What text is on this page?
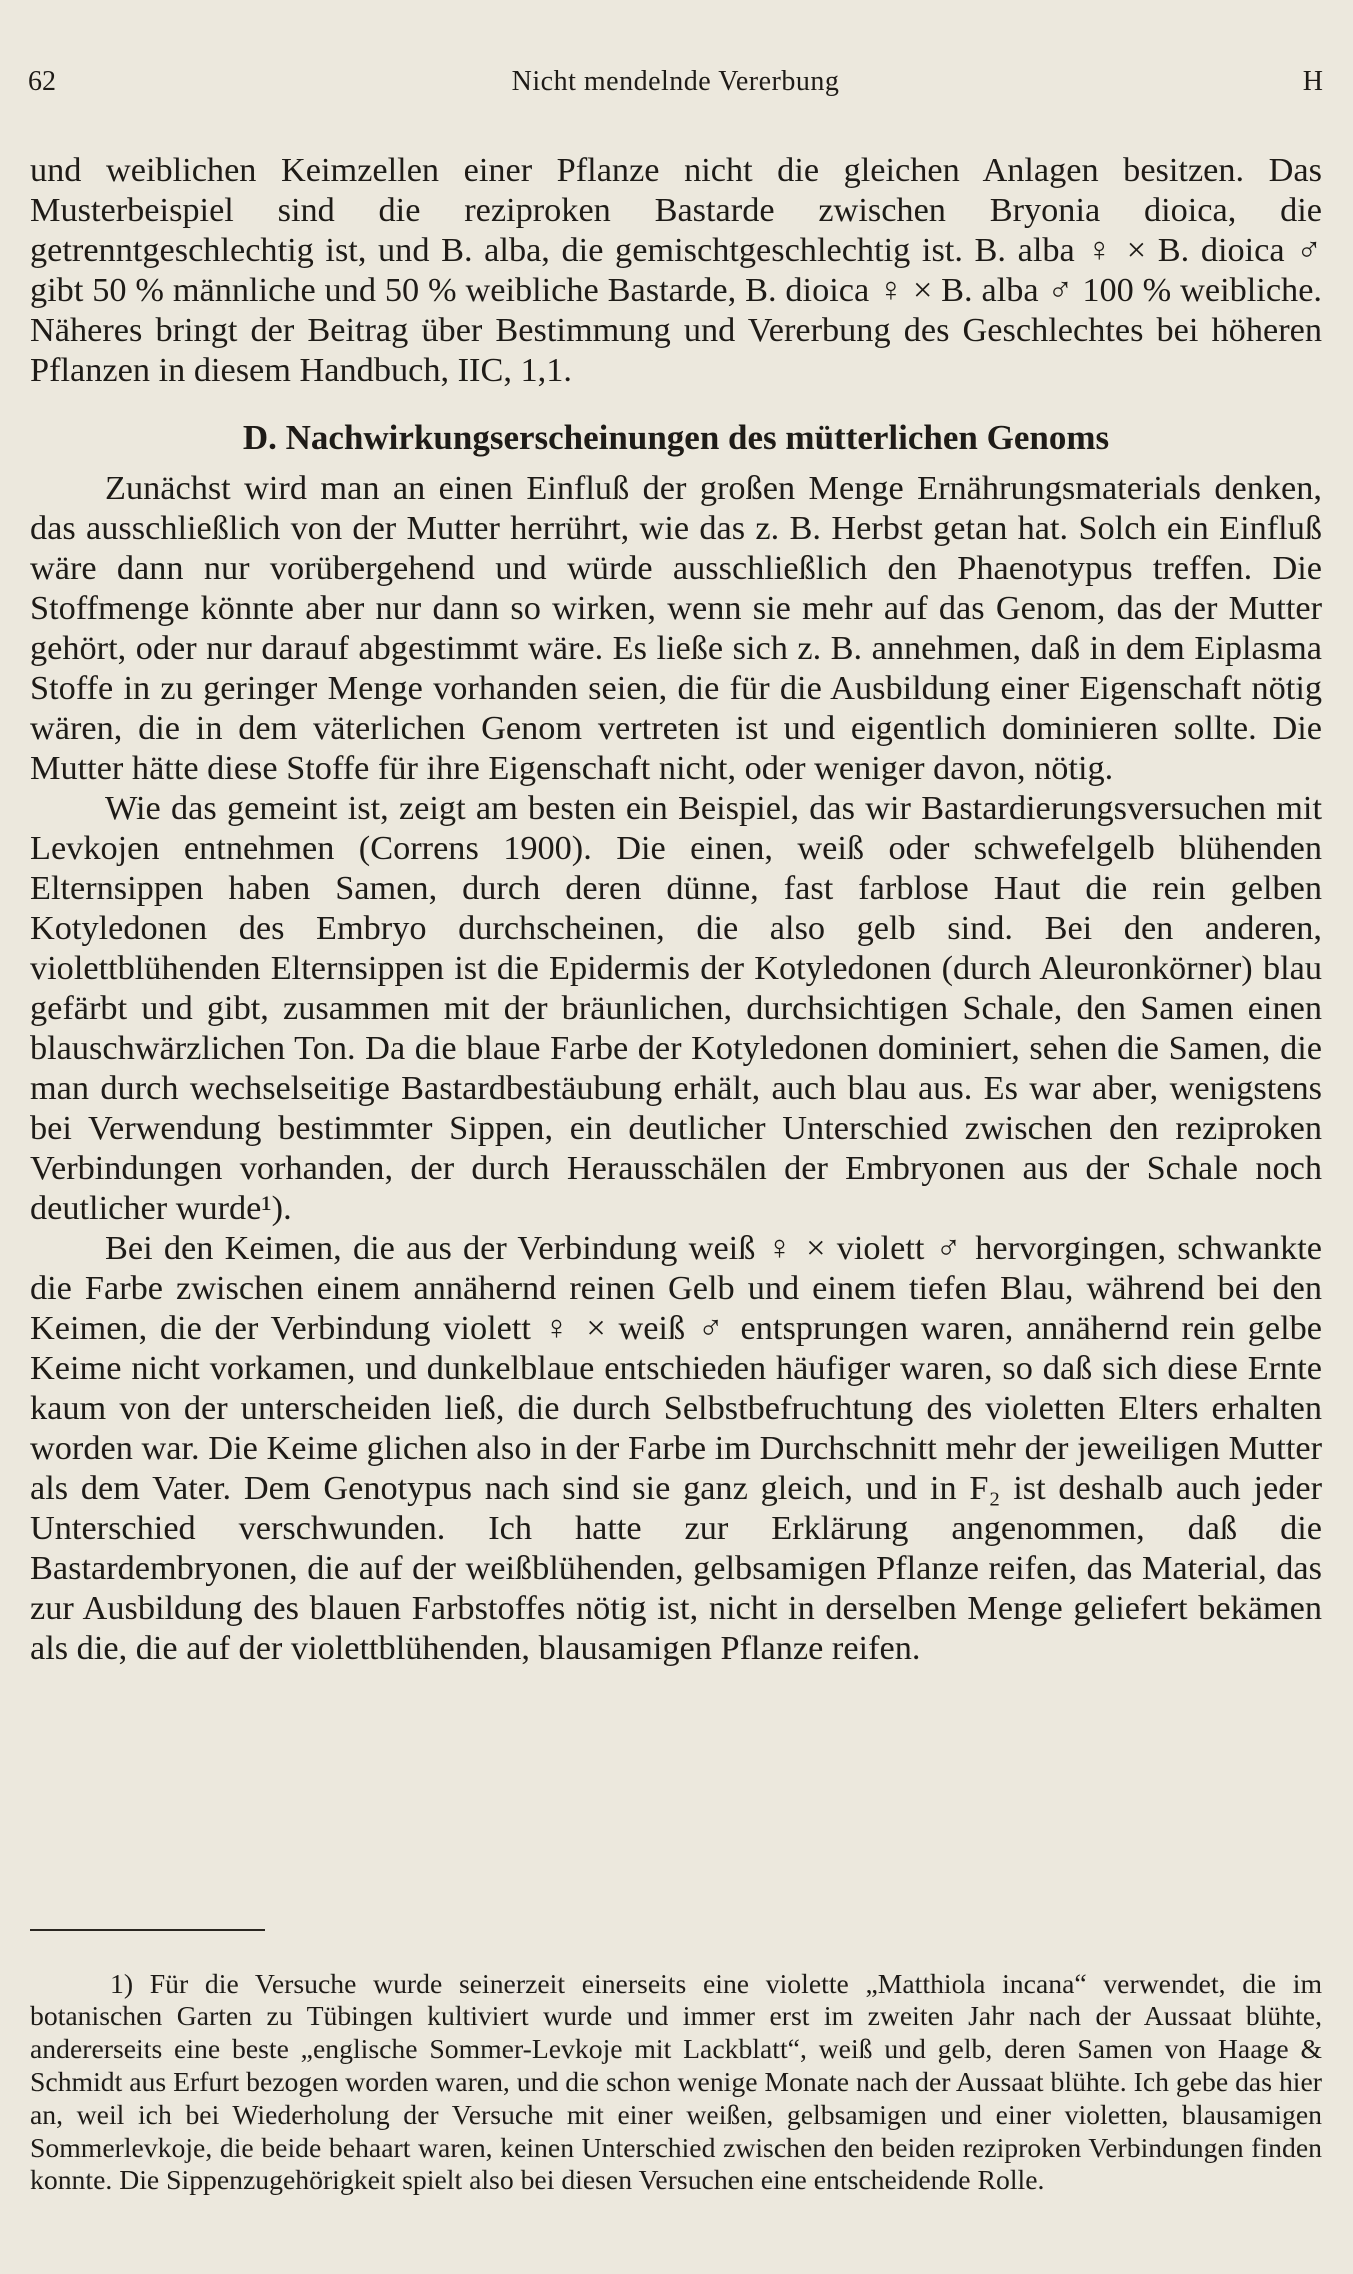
62	Nicht mendelnde Vererbung	H

und weiblichen Keimzellen einer Pflanze nicht die gleichen Anlagen besitzen. Das Musterbeispiel sind die reziproken Bastarde zwischen Bryonia dioica, die getrenntgeschlechtig ist, und B. alba, die gemischtgeschlechtig ist. B. alba ♀ × B. dioica ♂ gibt 50 % männliche und 50 % weibliche Bastarde, B. dioica ♀ × B. alba ♂ 100 % weibliche. Näheres bringt der Beitrag über Bestimmung und Vererbung des Geschlechtes bei höheren Pflanzen in diesem Handbuch, IIC, 1,1.

D. Nachwirkungserscheinungen des mütterlichen Genoms

Zunächst wird man an einen Einfluß der großen Menge Ernährungsmaterials denken, das ausschließlich von der Mutter herrührt, wie das z. B. Herbst getan hat. Solch ein Einfluß wäre dann nur vorübergehend und würde ausschließlich den Phaenotypus treffen. Die Stoffmenge könnte aber nur dann so wirken, wenn sie mehr auf das Genom, das der Mutter gehört, oder nur darauf abgestimmt wäre. Es ließe sich z. B. annehmen, daß in dem Eiplasma Stoffe in zu geringer Menge vorhanden seien, die für die Ausbildung einer Eigenschaft nötig wären, die in dem väterlichen Genom vertreten ist und eigentlich dominieren sollte. Die Mutter hätte diese Stoffe für ihre Eigenschaft nicht, oder weniger davon, nötig.

Wie das gemeint ist, zeigt am besten ein Beispiel, das wir Bastardierungsversuchen mit Levkojen entnehmen (Correns 1900). Die einen, weiß oder schwefelgelb blühenden Elternsippen haben Samen, durch deren dünne, fast farblose Haut die rein gelben Kotyledonen des Embryo durchscheinen, die also gelb sind. Bei den anderen, violettblühenden Elternsippen ist die Epidermis der Kotyledonen (durch Aleuronkörner) blau gefärbt und gibt, zusammen mit der bräunlichen, durchsichtigen Schale, den Samen einen blauschwärzlichen Ton. Da die blaue Farbe der Kotyledonen dominiert, sehen die Samen, die man durch wechselseitige Bastardbestäubung erhält, auch blau aus. Es war aber, wenigstens bei Verwendung bestimmter Sippen, ein deutlicher Unterschied zwischen den reziproken Verbindungen vorhanden, der durch Herausschälen der Embryonen aus der Schale noch deutlicher wurde¹).

Bei den Keimen, die aus der Verbindung weiß ♀ × violett ♂ hervorgingen, schwankte die Farbe zwischen einem annähernd reinen Gelb und einem tiefen Blau, während bei den Keimen, die der Verbindung violett ♀ × weiß ♂ entsprungen waren, annähernd rein gelbe Keime nicht vorkamen, und dunkelblaue entschieden häufiger waren, so daß sich diese Ernte kaum von der unterscheiden ließ, die durch Selbstbefruchtung des violetten Elters erhalten worden war. Die Keime glichen also in der Farbe im Durchschnitt mehr der jeweiligen Mutter als dem Vater. Dem Genotypus nach sind sie ganz gleich, und in F₂ ist deshalb auch jeder Unterschied verschwunden. Ich hatte zur Erklärung angenommen, daß die Bastardembryonen, die auf der weißblühenden, gelbsamigen Pflanze reifen, das Material, das zur Ausbildung des blauen Farbstoffes nötig ist, nicht in derselben Menge geliefert bekämen als die, die auf der violettblühenden, blausamigen Pflanze reifen.

1) Für die Versuche wurde seinerzeit einerseits eine violette „Matthiola incana“ verwendet, die im botanischen Garten zu Tübingen kultiviert wurde und immer erst im zweiten Jahr nach der Aussaat blühte, andererseits eine beste „englische Sommer-Levkoje mit Lackblatt“, weiß und gelb, deren Samen von Haage & Schmidt aus Erfurt bezogen worden waren, und die schon wenige Monate nach der Aussaat blühte. Ich gebe das hier an, weil ich bei Wiederholung der Versuche mit einer weißen, gelbsamigen und einer violetten, blausamigen Sommerlevkoje, die beide behaart waren, keinen Unterschied zwischen den beiden reziproken Verbindungen finden konnte. Die Sippenzugehörigkeit spielt also bei diesen Versuchen eine entscheidende Rolle.
